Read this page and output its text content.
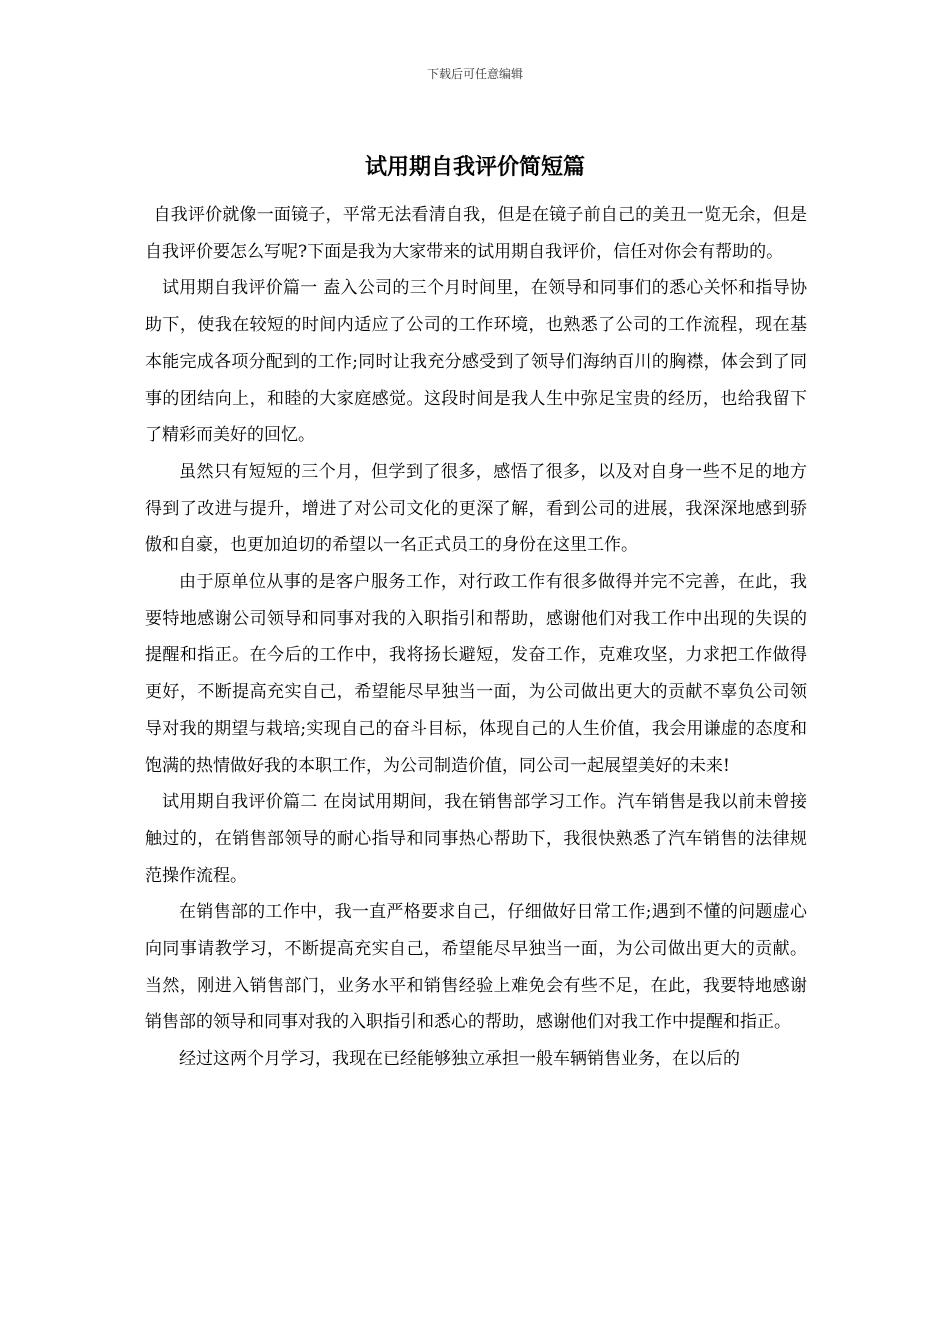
下载后可任意编辑
试用期自我评价简短篇

自我评价就像一面镜子，平常无法看清自我，但是在镜子前自己的美丑一览无余，但是自我评价要怎么写呢?下面是我为大家带来的试用期自我评价，信任对你会有帮助的。

试用期自我评价篇一 盍入公司的三个月时间里，在领导和同事们的悉心关怀和指导协助下，使我在较短的时间内适应了公司的工作环境，也熟悉了公司的工作流程，现在基本能完成各项分配到的工作;同时让我充分感受到了领导们海纳百川的胸襟，体会到了同事的团结向上，和睦的大家庭感觉。这段时间是我人生中弥足宝贵的经历，也给我留下了精彩而美好的回忆。

虽然只有短短的三个月，但学到了很多，感悟了很多，以及对自身一些不足的地方得到了改进与提升，增进了对公司文化的更深了解，看到公司的进展，我深深地感到骄傲和自豪，也更加迫切的希望以一名正式员工的身份在这里工作。

由于原单位从事的是客户服务工作，对行政工作有很多做得并完不完善，在此，我要特地感谢公司领导和同事对我的入职指引和帮助，感谢他们对我工作中出现的失误的提醒和指正。在今后的工作中，我将扬长避短，发奋工作，克难攻坚，力求把工作做得更好，不断提高充实自己，希望能尽早独当一面，为公司做出更大的贡献不辜负公司领导对我的期望与栽培;实现自己的奋斗目标，体现自己的人生价值，我会用谦虚的态度和饱满的热情做好我的本职工作，为公司制造价值，同公司一起展望美好的未来!

试用期自我评价篇二 在岗试用期间，我在销售部学习工作。汽车销售是我以前未曾接触过的，在销售部领导的耐心指导和同事热心帮助下，我很快熟悉了汽车销售的法律规范操作流程。

在销售部的工作中，我一直严格要求自己，仔细做好日常工作;遇到不懂的问题虚心向同事请教学习，不断提高充实自己，希望能尽早独当一面，为公司做出更大的贡献。当然，刚进入销售部门，业务水平和销售经验上难免会有些不足，在此，我要特地感谢销售部的领导和同事对我的入职指引和悉心的帮助，感谢他们对我工作中提醒和指正。

经过这两个月学习，我现在已经能够独立承担一般车辆销售业务，在以后的
